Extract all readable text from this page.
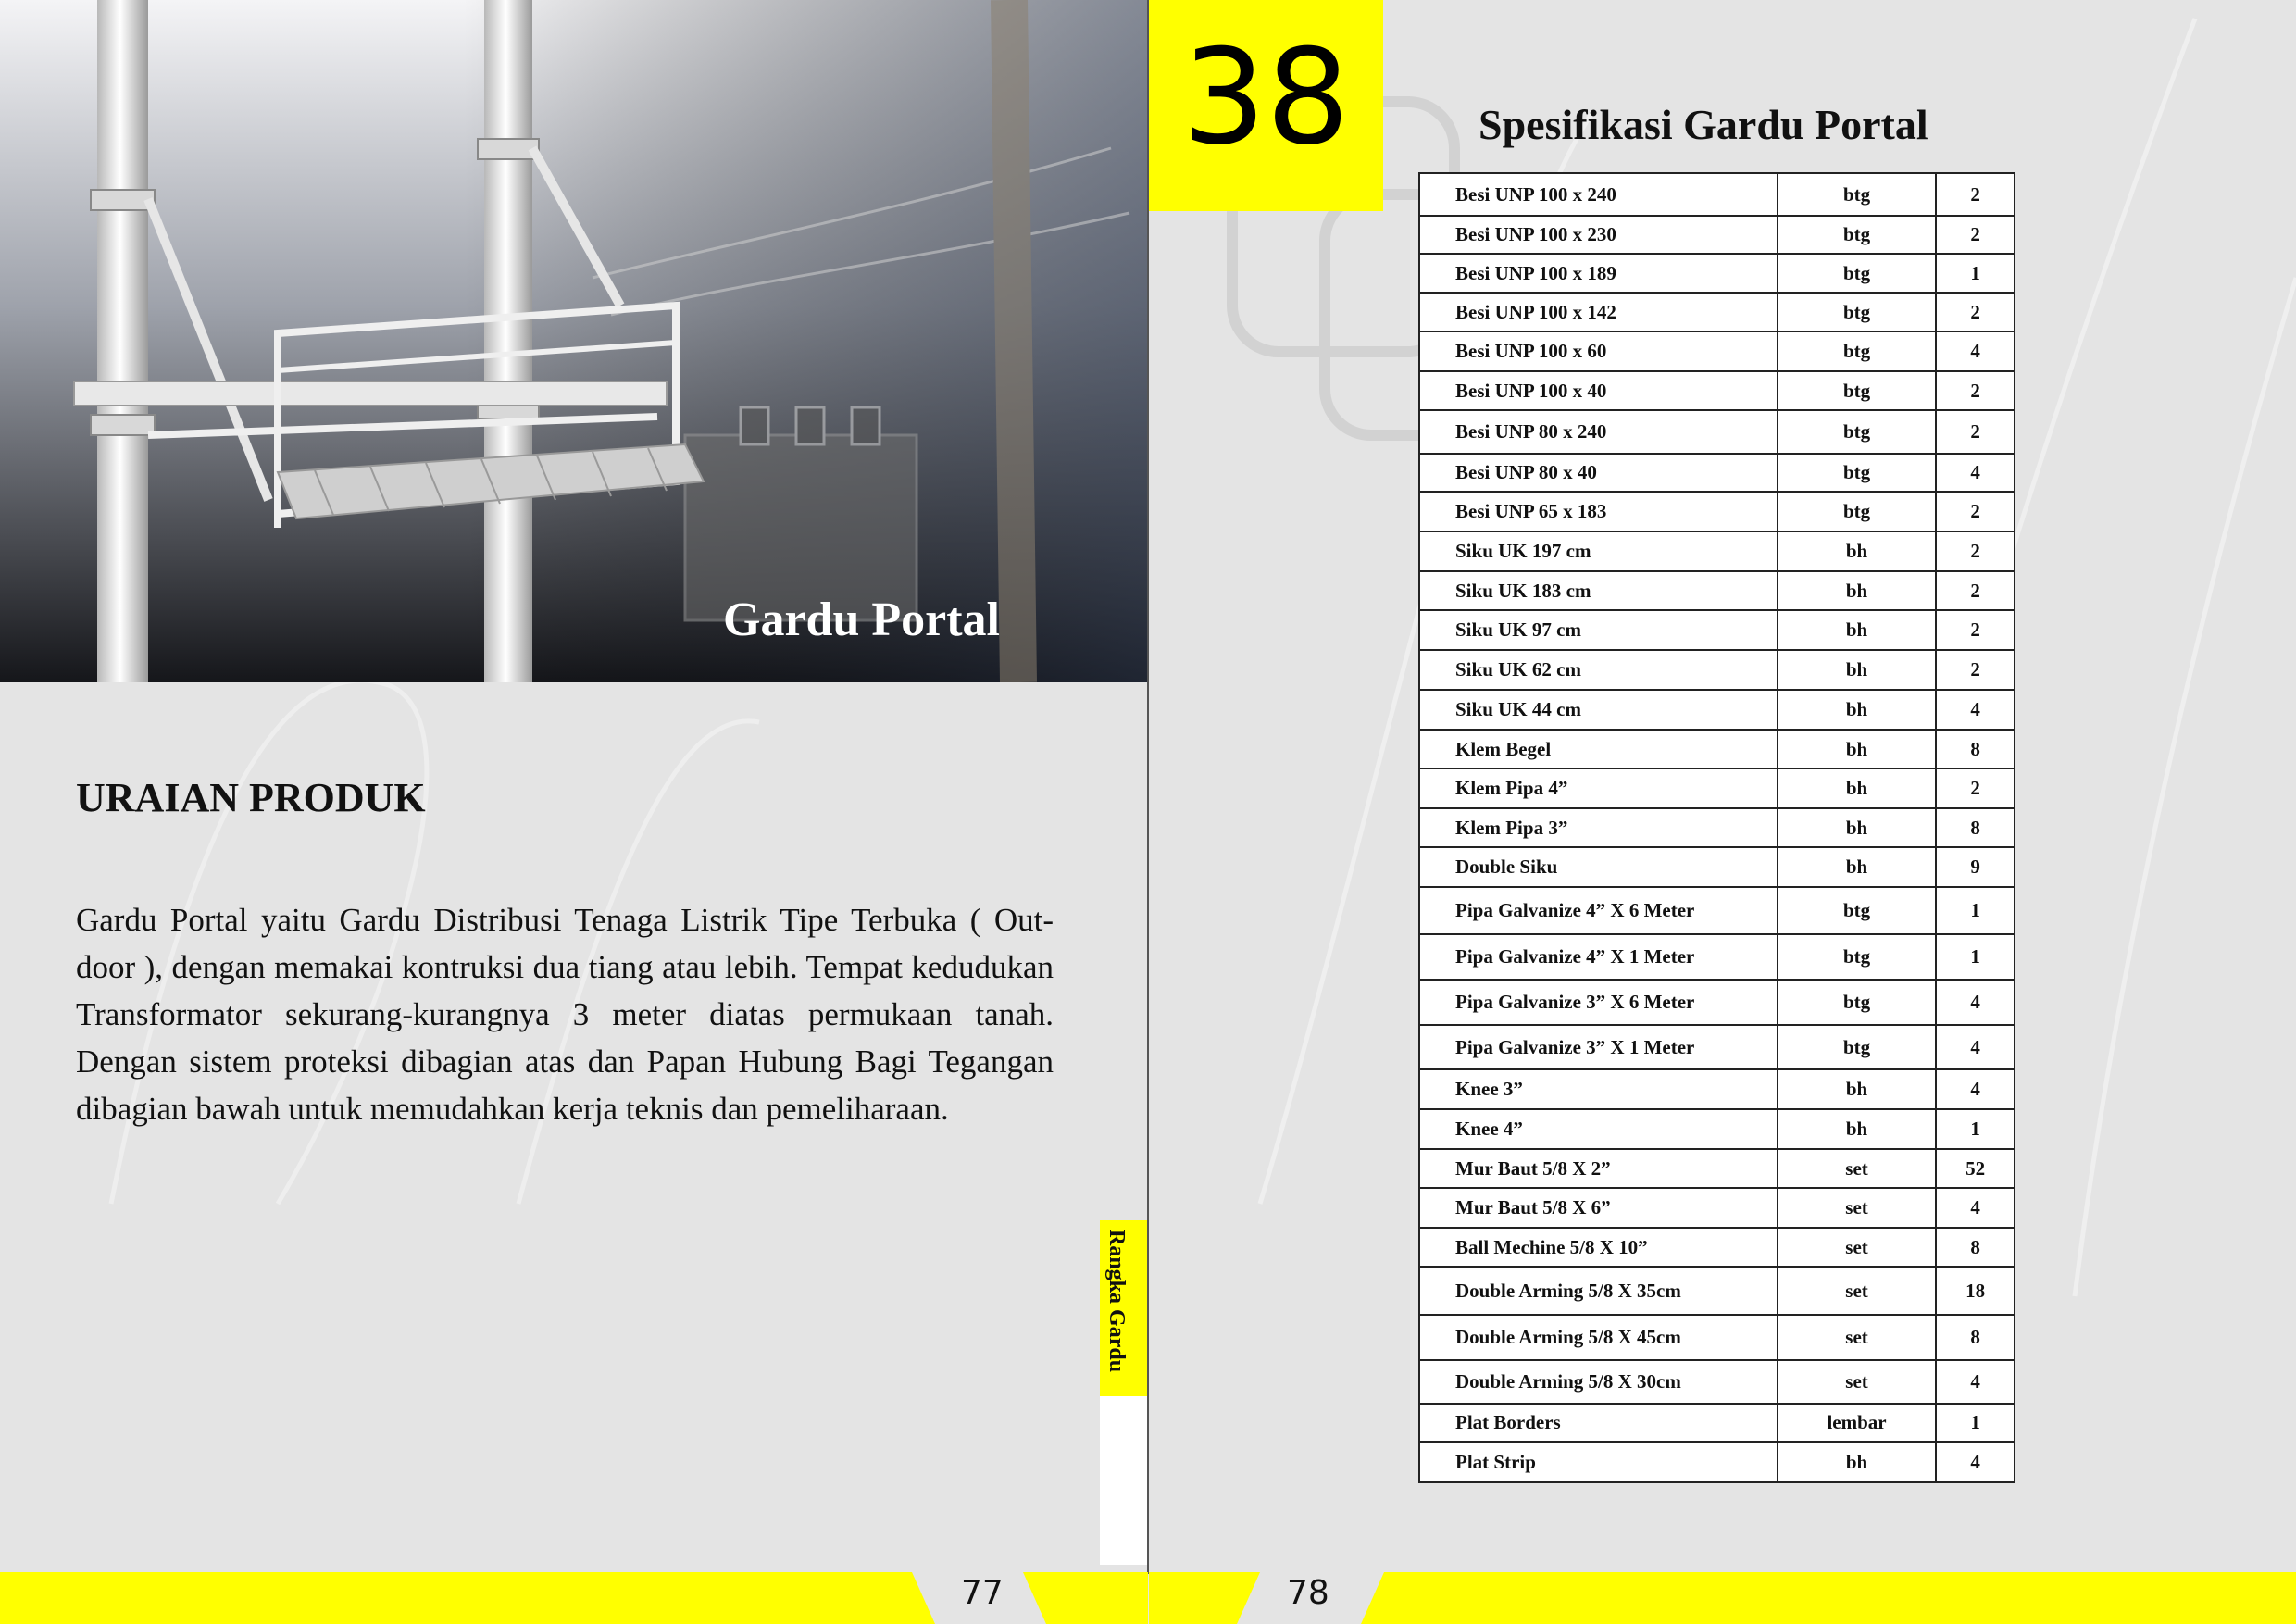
Gardu Portal
URAIAN PRODUK
Gardu Portal yaitu Gardu Distribusi Tenaga Listrik Tipe Terbuka ( Out-door ), dengan memakai kontruksi dua tiang atau lebih. Tempat kedudukan Transformator sekurang-kurangnya 3 meter diatas permukaan tanah. Dengan sistem proteksi dibagian atas dan Papan Hubung Bagi Tegangan dibagian bawah untuk memudahkan kerja teknis dan pemeliharaan.
Rangka Gardu
38	Spesifikasi Gardu Portal
Besi UNP 100 x 240	btg	2
Besi UNP 100 x 230	btg	2
Besi UNP 100 x 189	btg	1
Besi UNP 100 x 142	btg	2
Besi UNP 100 x 60	btg	4
Besi UNP 100 x 40	btg	2
Besi UNP 80 x 240	btg	2
Besi UNP 80 x 40	btg	4
Besi UNP 65 x 183	btg	2
Siku UK 197 cm	bh	2
Siku UK 183 cm	bh	2
Siku UK 97 cm	bh	2
Siku UK 62 cm	bh	2
Siku UK 44 cm	bh	4
Klem Begel	bh	8
Klem Pipa 4”	bh	2
Klem Pipa 3”	bh	8
Double Siku	bh	9
Pipa Galvanize 4” X 6 Meter	btg	1
Pipa Galvanize 4” X 1 Meter	btg	1
Pipa Galvanize 3” X 6 Meter	btg	4
Pipa Galvanize 3” X 1 Meter	btg	4
Knee 3”	bh	4
Knee 4”	bh	1
Mur Baut 5/8 X 2”	set	52
Mur Baut 5/8 X 6”	set	4
Ball Mechine 5/8 X 10”	set	8
Double Arming 5/8 X 35cm	set	18
Double Arming 5/8 X 45cm	set	8
Double Arming 5/8 X 30cm	set	4
Plat Borders	lembar	1
Plat Strip	bh	4
77	78
